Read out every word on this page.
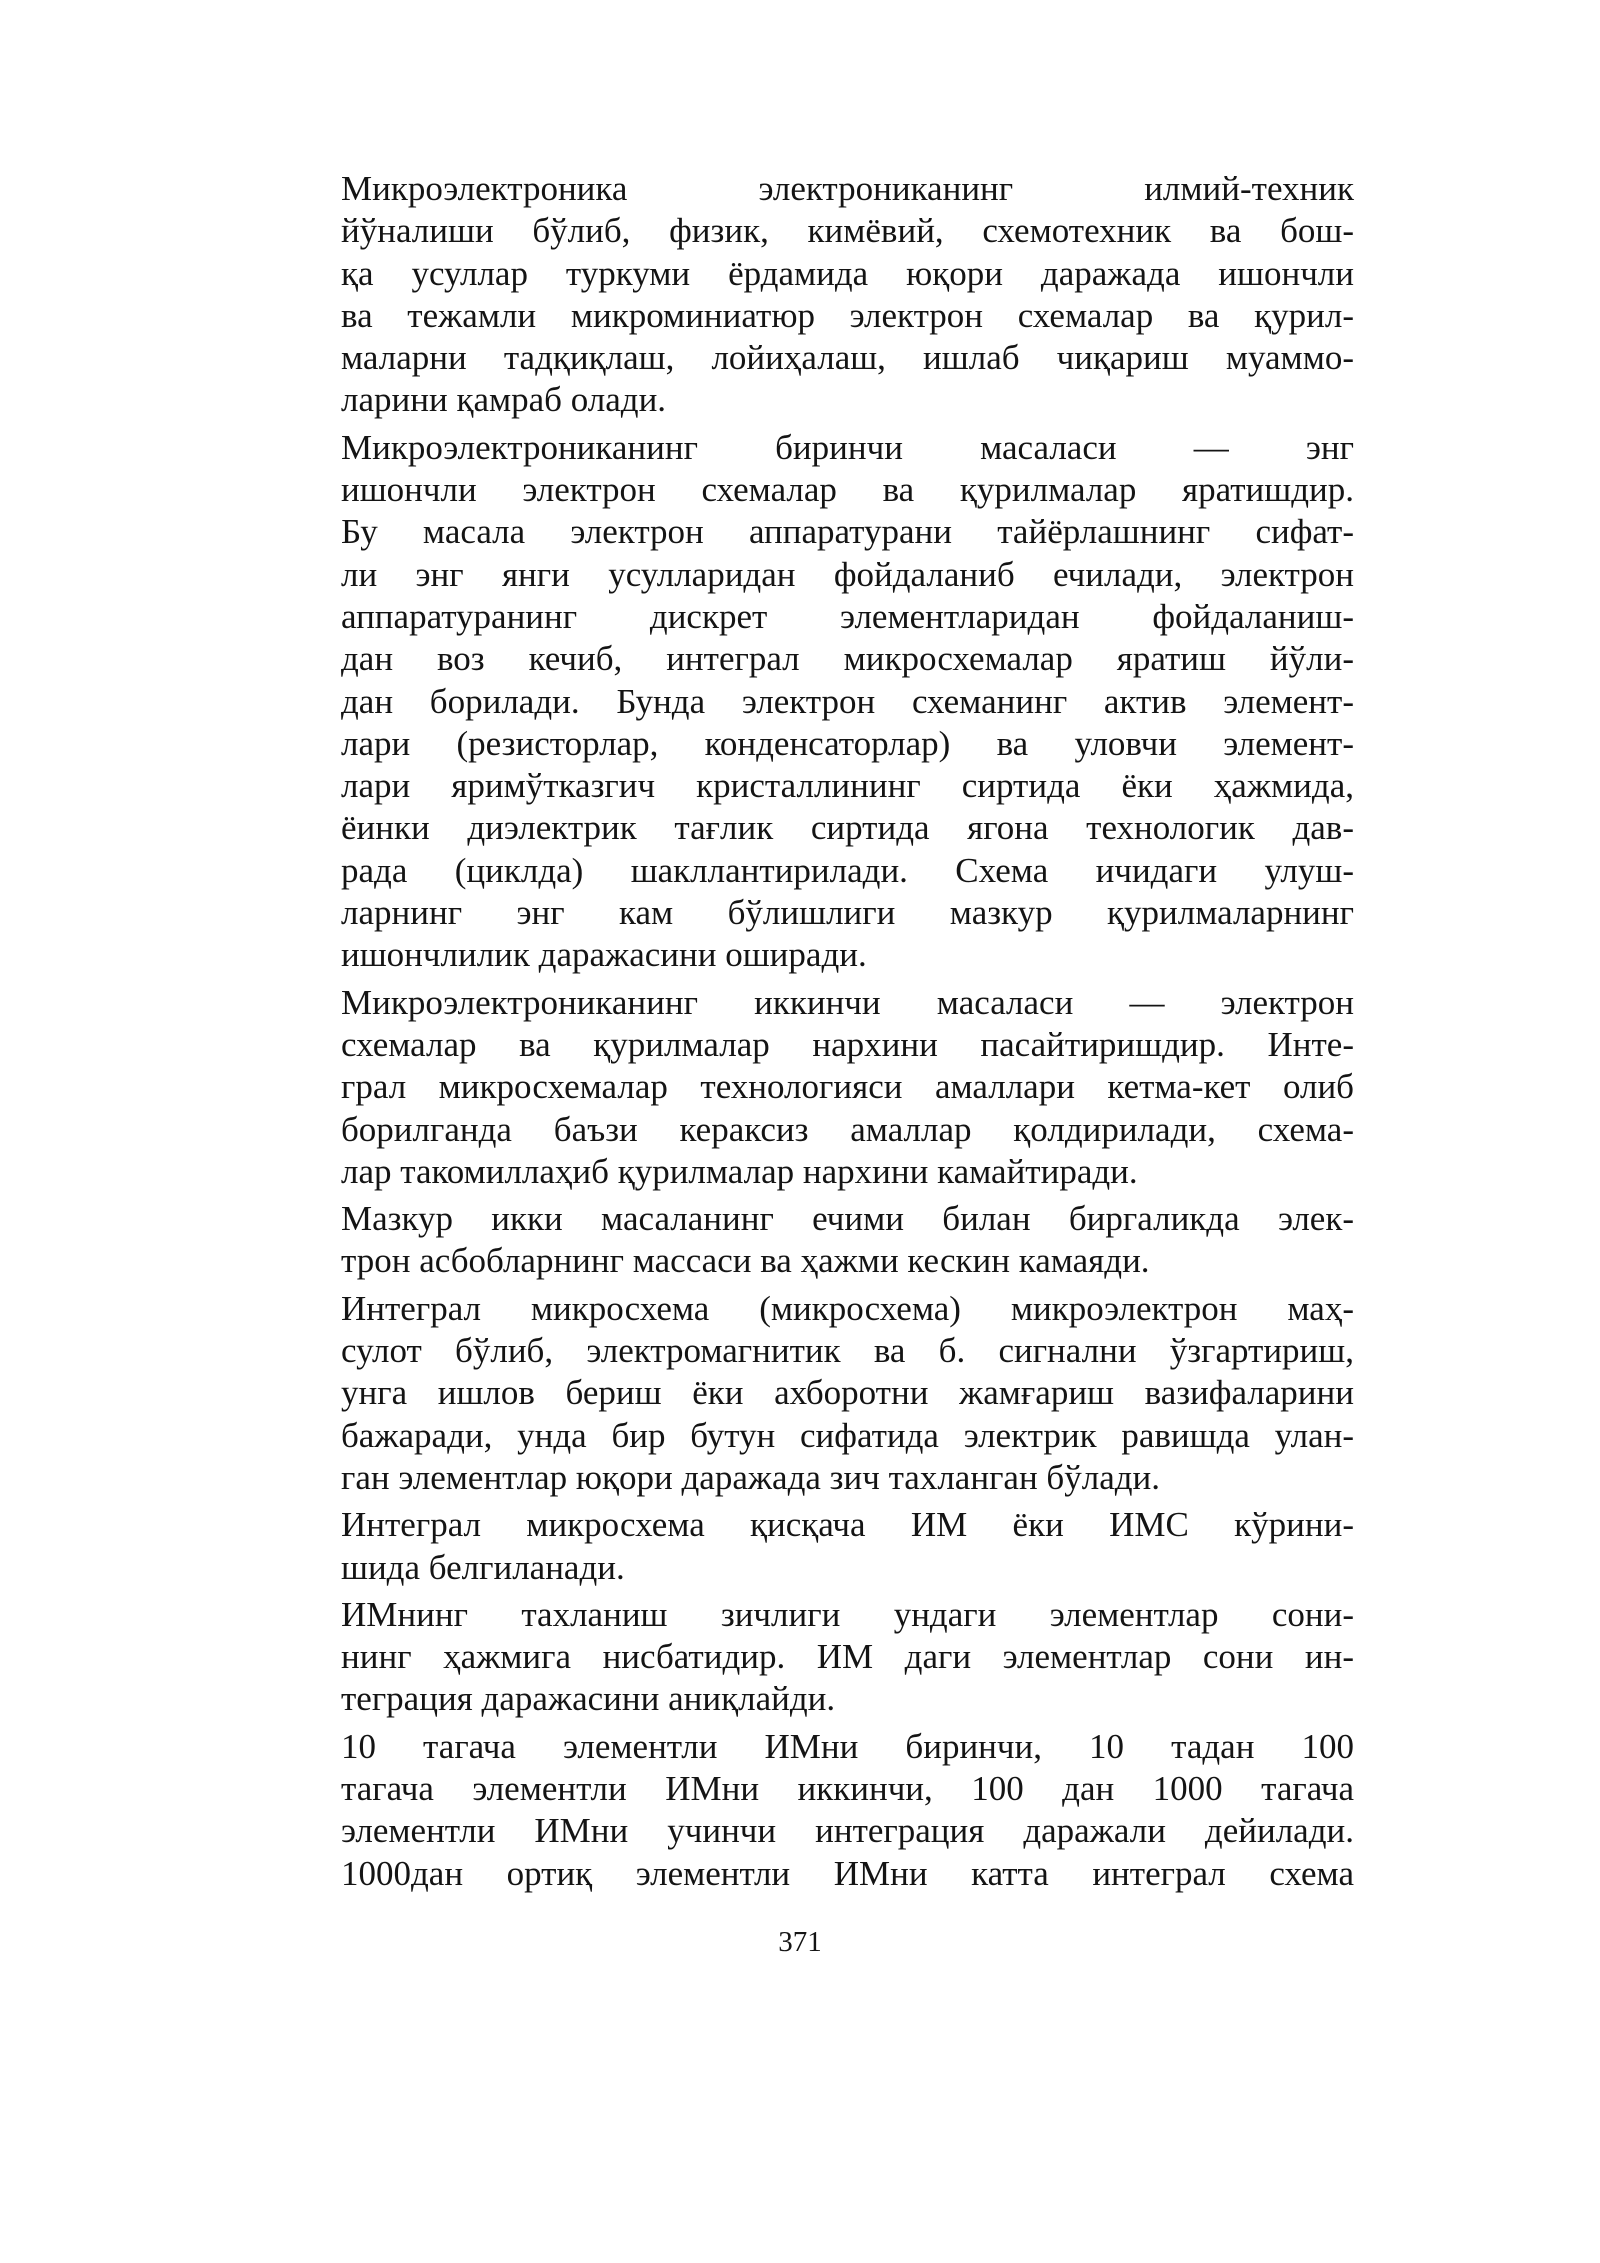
Микроэлектроника электрониканинг илмий-техник
йўналиши бўлиб, физик, кимёвий, схемотехник ва бош-
қа усуллар туркуми ёрдамида юқори даражада ишончли
ва тежамли микроминиатюр электрон схемалар ва қурил-
маларни тадқиқлаш, лойиҳалаш, ишлаб чиқариш муаммо-
ларини қамраб олади.
Микроэлектрониканинг биринчи масаласи — энг
ишончли электрон схемалар ва қурилмалар яратишдир.
Бу масала электрон аппаратурани тайёрлашнинг сифат-
ли энг янги усулларидан фойдаланиб ечилади, электрон
аппаратуранинг дискрет элементларидан фойдаланиш-
дан воз кечиб, интеграл микросхемалар яратиш йўли-
дан борилади. Бунда электрон схеманинг актив элемент-
лари (резисторлар, конденсаторлар) ва уловчи элемент-
лари яримўтказгич кристаллининг сиртида ёки ҳажмида,
ёинки диэлектрик тағлик сиртида ягона технологик дав-
рада (циклда) шакллантирилади. Схема ичидаги улуш-
ларнинг энг кам бўлишлиги мазкур қурилмаларнинг
ишончлилик даражасини оширади.
Микроэлектрониканинг иккинчи масаласи — электрон
схемалар ва қурилмалар нархини пасайтиришдир. Инте-
грал микросхемалар технологияси амаллари кетма-кет олиб
борилганда баъзи кераксиз амаллар қолдирилади, схема-
лар такомиллаҳиб қурилмалар нархини камайтиради.
Мазкур икки масаланинг ечими билан биргаликда элек-
трон асбобларнинг массаси ва ҳажми кескин камаяди.
Интеграл микросхема (микросхема) микроэлектрон маҳ-
сулот бўлиб, электромагнитик ва б. сигнални ўзгартириш,
унга ишлов бериш ёки ахборотни жамғариш вазифаларини
бажаради, унда бир бутун сифатида электрик равишда улан-
ган элементлар юқори даражада зич тахланган бўлади.
Интеграл микросхема қисқача ИМ ёки ИМС кўрини-
шида белгиланади.
ИМнинг тахланиш зичлиги ундаги элементлар сони-
нинг ҳажмига нисбатидир. ИМ даги элементлар сони ин-
теграция даражасини аниқлайди.
10 тагача элементли ИМни биринчи, 10 тадан 100
тагача элементли ИМни иккинчи, 100 дан 1000 тагача
элементли ИМни учинчи интеграция даражали дейилади.
1000дан ортиқ элементли ИМни катта интеграл схема
371
